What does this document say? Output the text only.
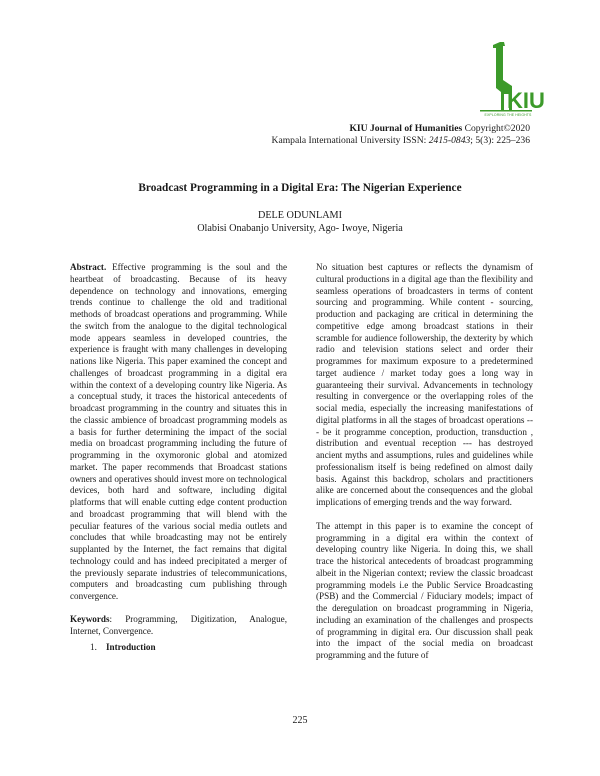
KIU
EXPLORING THE HEIGHTS
KIU Journal of Humanities Copyright©2020
Kampala International University ISSN: 2415-0843; 5(3): 225–236
Broadcast Programming in a Digital Era: The Nigerian Experience
DELE ODUNLAMI
Olabisi Onabanjo University, Ago- Iwoye, Nigeria

Abstract. Effective programming is the soul and the heartbeat of broadcasting. Because of its heavy dependence on technology and innovations, emerging trends continue to challenge the old and traditional methods of broadcast operations and programming. While the switch from the analogue to the digital technological mode appears seamless in developed countries, the experience is fraught with many challenges in developing nations like Nigeria. This paper examined the concept and challenges of broadcast programming in a digital era within the context of a developing country like Nigeria. As a conceptual study, it traces the historical antecedents of broadcast programming in the country and situates this in the classic ambience of broadcast programming models as a basis for further determining the impact of the social media on broadcast programming including the future of programming in the oxymoronic global and atomized market. The paper recommends that Broadcast stations owners and operatives should invest more on technological devices, both hard and software, including digital platforms that will enable cutting edge content production and broadcast programming that will blend with the peculiar features of the various social media outlets and concludes that while broadcasting may not be entirely supplanted by the Internet, the fact remains that digital technology could and has indeed precipitated a merger of the previously separate industries of telecommunications, computers and broadcasting cum publishing through convergence.

Keywords: Programming, Digitization, Analogue, Internet, Convergence.

1. Introduction

No situation best captures or reflects the dynamism of cultural productions in a digital age than the flexibility and seamless operations of broadcasters in terms of content sourcing and programming. While content - sourcing, production and packaging are critical in determining the competitive edge among broadcast stations in their scramble for audience followership, the dexterity by which radio and television stations select and order their programmes for maximum exposure to a predetermined target audience / market today goes a long way in guaranteeing their survival. Advancements in technology resulting in convergence or the overlapping roles of the social media, especially the increasing manifestations of digital platforms in all the stages of broadcast operations --- be it programme conception, production, transduction , distribution and eventual reception --- has destroyed ancient myths and assumptions, rules and guidelines while professionalism itself is being redefined on almost daily basis. Against this backdrop, scholars and practitioners alike are concerned about the consequences and the global implications of emerging trends and the way forward.

The attempt in this paper is to examine the concept of programming in a digital era within the context of developing country like Nigeria. In doing this, we shall trace the historical antecedents of broadcast programming albeit in the Nigerian context; review the classic broadcast programming models i.e the Public Service Broadcasting (PSB) and the Commercial / Fiduciary models; impact of the deregulation on broadcast programming in Nigeria, including an examination of the challenges and prospects of programming in digital era. Our discussion shall peak into the impact of the social media on broadcast programming and the future of

225
